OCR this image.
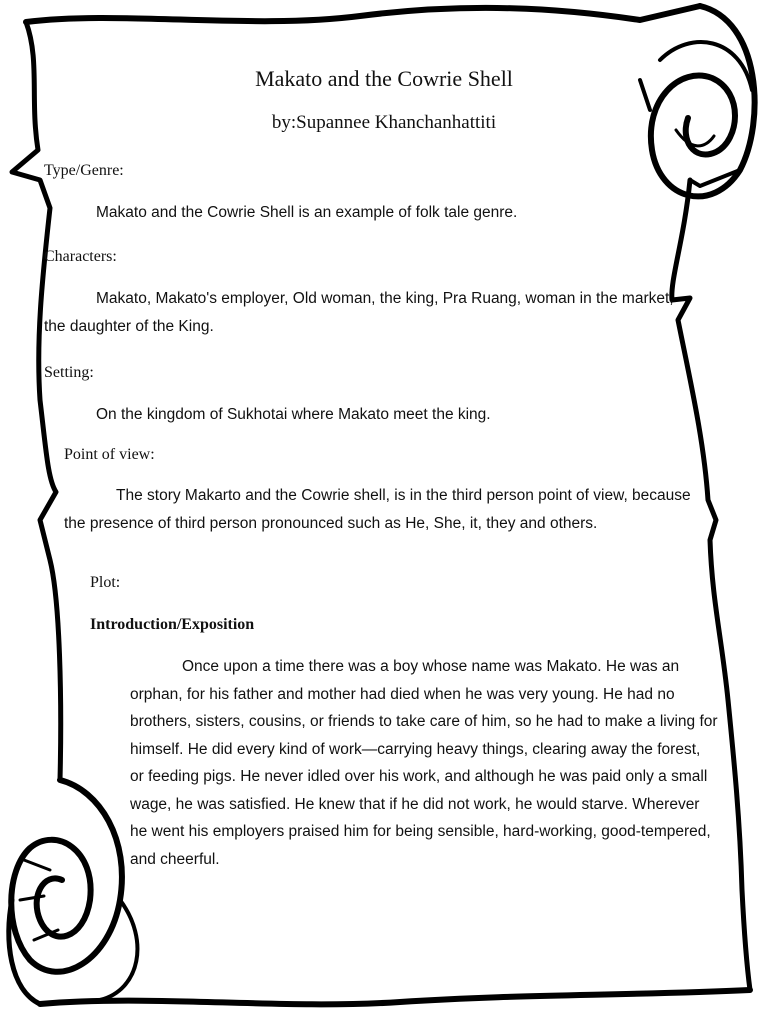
Makato and the Cowrie Shell
by:Supannee Khanchanhattiti
Type/Genre:

Makato and the Cowrie Shell is an example of folk tale genre.

Characters:

Makato, Makato's employer, Old woman, the king, Pra Ruang, woman in the market, the daughter of the King.

Setting:

On the kingdom of Sukhotai where Makato meet the king.

Point of view:

The story Makarto and the Cowrie shell, is in the third person point of view, because the presence of third person pronounced such as He, She, it, they and others.

Plot:
Introduction/Exposition

Once upon a time there was a boy whose name was Makato. He was an orphan, for his father and mother had died when he was very young. He had no brothers, sisters, cousins, or friends to take care of him, so he had to make a living for himself. He did every kind of work—carrying heavy things, clearing away the forest, or feeding pigs. He never idled over his work, and although he was paid only a small wage, he was satisfied. He knew that if he did not work, he would starve. Wherever he went his employers praised him for being sensible, hard-working, good-tempered, and cheerful.
